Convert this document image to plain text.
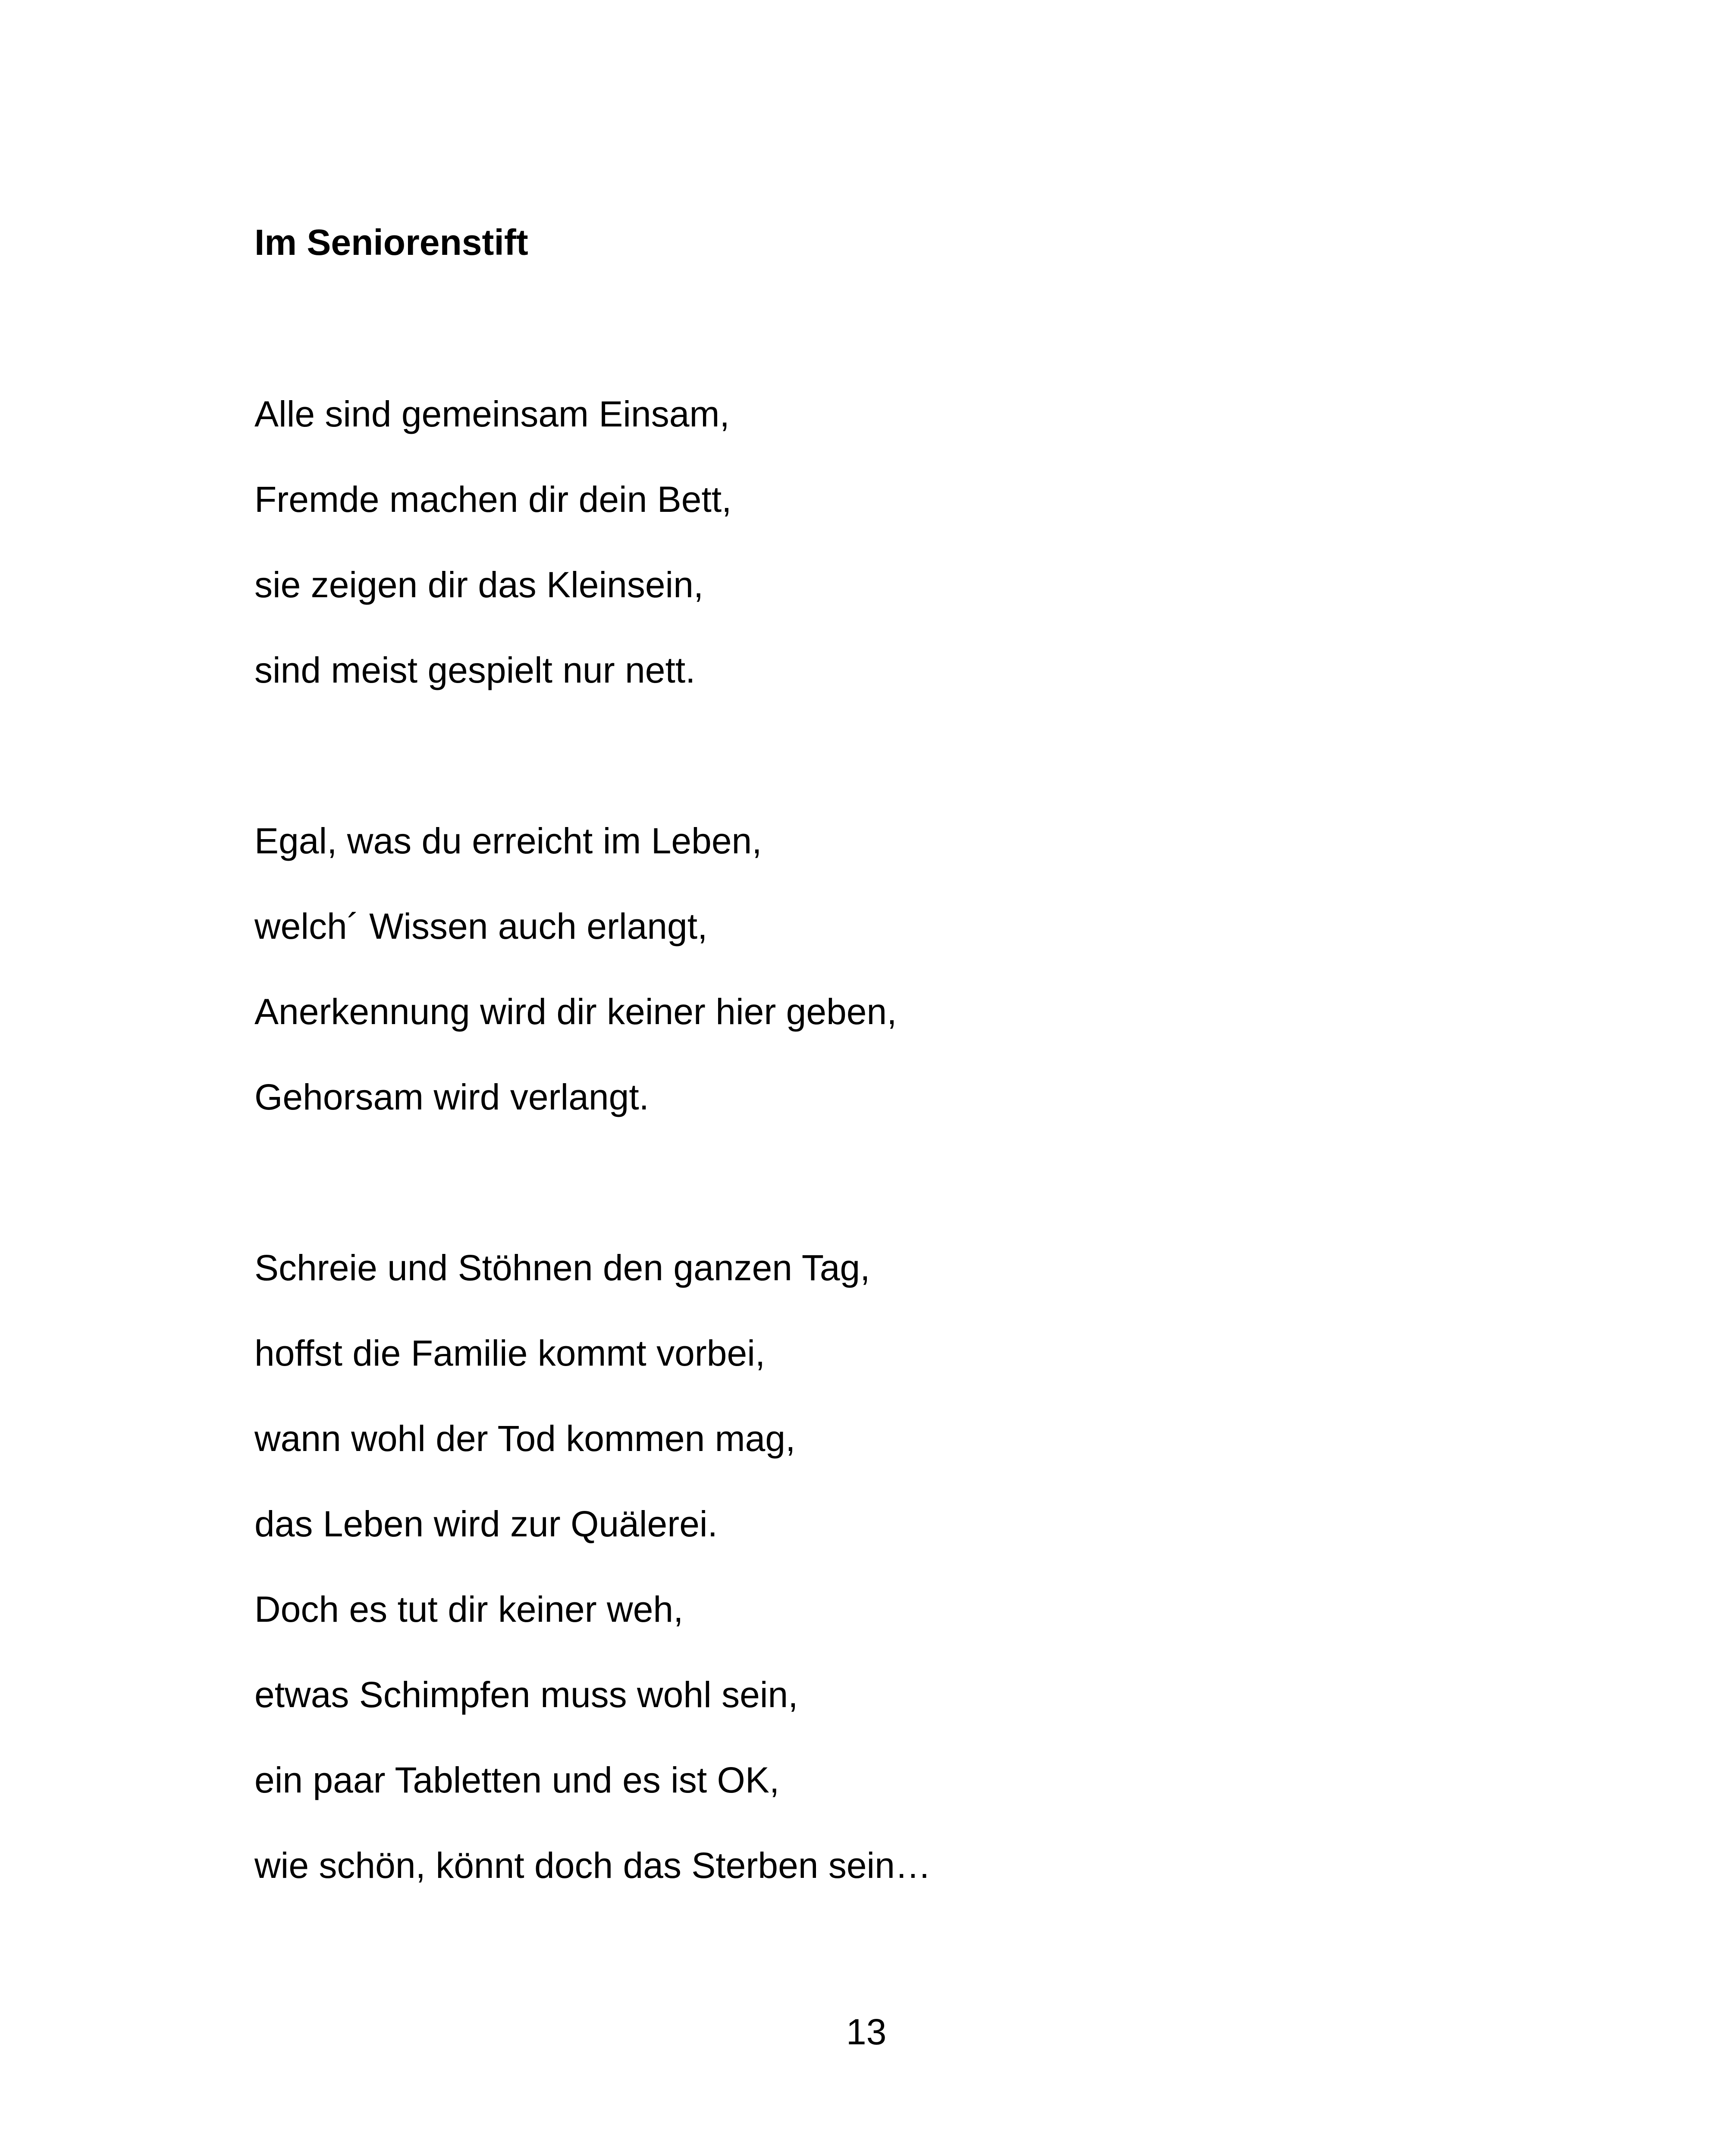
Im Seniorenstift

Alle sind gemeinsam Einsam,

Fremde machen dir dein Bett,

sie zeigen dir das Kleinsein,

sind meist gespielt nur nett.

Egal, was du erreicht im Leben,

welch´ Wissen auch erlangt,

Anerkennung wird dir keiner hier geben,

Gehorsam wird verlangt.

Schreie und Stöhnen den ganzen Tag,

hoffst die Familie kommt vorbei,

wann wohl der Tod kommen mag,

das Leben wird zur Quälerei.

Doch es tut dir keiner weh,

etwas Schimpfen muss wohl sein,

ein paar Tabletten und es ist OK,

wie schön, könnt doch das Sterben sein…

13
